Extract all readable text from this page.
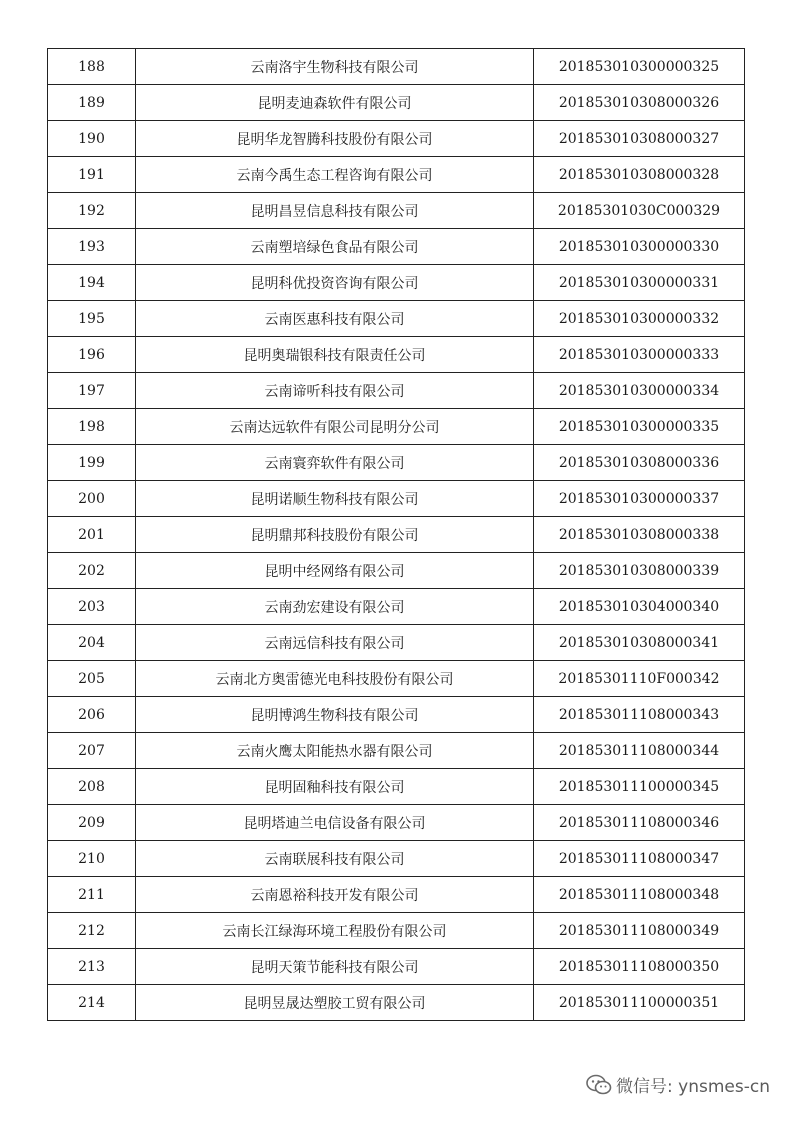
188	云南洛宇生物科技有限公司	201853010300000325
189	昆明麦迪森软件有限公司	201853010308000326
190	昆明华龙智腾科技股份有限公司	201853010308000327
191	云南今禹生态工程咨询有限公司	201853010308000328
192	昆明昌昱信息科技有限公司	20185301030C000329
193	云南塑培绿色食品有限公司	201853010300000330
194	昆明科优投资咨询有限公司	201853010300000331
195	云南医惠科技有限公司	201853010300000332
196	昆明奥瑞银科技有限责任公司	201853010300000333
197	云南谛听科技有限公司	201853010300000334
198	云南达远软件有限公司昆明分公司	201853010300000335
199	云南寰弈软件有限公司	201853010308000336
200	昆明诺顺生物科技有限公司	201853010300000337
201	昆明鼎邦科技股份有限公司	201853010308000338
202	昆明中经网络有限公司	201853010308000339
203	云南劲宏建设有限公司	201853010304000340
204	云南远信科技有限公司	201853010308000341
205	云南北方奥雷德光电科技股份有限公司	20185301110F000342
206	昆明博鸿生物科技有限公司	201853011108000343
207	云南火鹰太阳能热水器有限公司	201853011108000344
208	昆明固釉科技有限公司	201853011100000345
209	昆明塔迪兰电信设备有限公司	201853011108000346
210	云南联展科技有限公司	201853011108000347
211	云南恩裕科技开发有限公司	201853011108000348
212	云南长江绿海环境工程股份有限公司	201853011108000349
213	昆明天策节能科技有限公司	201853011108000350
214	昆明昱晟达塑胶工贸有限公司	201853011100000351
微信号: ynsmes-cn
